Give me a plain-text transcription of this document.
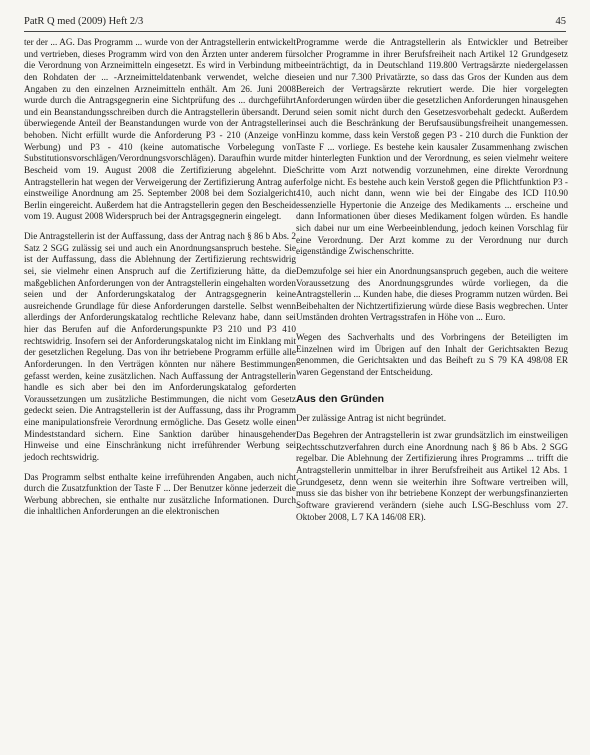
PatR Q med (2009) Heft 2/3	45

ter der ... AG. Das Programm ... wurde von der Antragstellerin entwickelt und vertrieben, dieses Programm wird von den Ärzten unter anderem für die Verordnung von Arzneimitteln eingesetzt. Es wird in Verbindung mit den Rohdaten der ... -Arzneimitteldatenbank verwendet, welche die Angaben zu den einzelnen Arzneimitteln enthält. Am 26. Juni 2008 wurde durch die Antragsgegnerin eine Sichtprüfung des ... durchgeführt und ein Beanstandungsschreiben durch die Antragstellerin übersandt. Der überwiegende Anteil der Beanstandungen wurde von der Antragstellerin behoben. Nicht erfüllt wurde die Anforderung P3 - 210 (Anzeige von Werbung) und P3 - 410 (keine automatische Vorbelegung von Substitutionsvorschlägen/Verordnungsvorschlägen). Daraufhin wurde mit Bescheid vom 19. August 2008 die Zertifizierung abgelehnt. Die Antragstellerin hat wegen der Verweigerung der Zertifizierung Antrag auf einstweilige Anordnung am 25. September 2008 bei dem Sozialgericht Berlin eingereicht. Außerdem hat die Antragstellerin gegen den Bescheid vom 19. August 2008 Widerspruch bei der Antragsgegnerin eingelegt.

Die Antragstellerin ist der Auffassung, dass der Antrag nach § 86 b Abs. 2 Satz 2 SGG zulässig sei und auch ein Anordnungsanspruch bestehe. Sie ist der Auffassung, dass die Ablehnung der Zertifizierung rechtswidrig sei, sie vielmehr einen Anspruch auf die Zertifizierung hätte, da die maßgeblichen Anforderungen von der Antragstellerin eingehalten worden seien und der Anforderungskatalog der Antragsgegnerin keine ausreichende Grundlage für diese Anforderungen darstelle. Selbst wenn allerdings der Anforderungskatalog rechtliche Relevanz habe, dann sei hier das Berufen auf die Anforderungspunkte P3 210 und P3 410 rechtswidrig. Insofern sei der Anforderungskatalog nicht im Einklang mit der gesetzlichen Regelung. Das von ihr betriebene Programm erfülle alle Anforderungen. In den Verträgen könnten nur nähere Bestimmungen gefasst werden, keine zusätzlichen. Nach Auffassung der Antragstellerin handle es sich aber bei den im Anforderungskatalog geforderten Voraussetzungen um zusätzliche Bestimmungen, die nicht vom Gesetz gedeckt seien. Die Antragstellerin ist der Auffassung, dass ihr Programm eine manipulationsfreie Verordnung ermögliche. Das Gesetz wolle einen Mindeststandard sichern. Eine Sanktion darüber hinausgehender Hinweise und eine Einschränkung nicht irreführender Werbung sei jedoch rechtswidrig.

Das Programm selbst enthalte keine irreführenden Angaben, auch nicht durch die Zusatzfunktion der Taste F ... Der Benutzer könne jederzeit die Werbung abbrechen, sie enthalte nur zusätzliche Informationen. Durch die inhaltlichen Anforderungen an die elektronischen

Programme werde die Antragstellerin als Entwickler und Betreiber solcher Programme in ihrer Berufsfreiheit nach Artikel 12 Grundgesetz beeinträchtigt, da in Deutschland 119.800 Vertragsärzte niedergelassen seien und nur 7.300 Privatärzte, so dass das Gros der Kunden aus dem Bereich der Vertragsärzte rekrutiert werde. Die hier vorgelegten Anforderungen würden über die gesetzlichen Anforderungen hinausgehen und seien somit nicht durch den Gesetzesvorbehalt gedeckt. Außerdem sei auch die Beschränkung der Berufsausübungsfreiheit unangemessen. Hinzu komme, dass kein Verstoß gegen P3 - 210 durch die Funktion der Taste F ... vorliege. Es bestehe kein kausaler Zusammenhang zwischen der hinterlegten Funktion und der Verordnung, es seien vielmehr weitere Schritte vom Arzt notwendig vorzunehmen, eine direkte Verordnung erfolge nicht. Es bestehe auch kein Verstoß gegen die Pflichtfunktion P3 - 410, auch nicht dann, wenn wie bei der Eingabe des ICD I10.90 essenzielle Hypertonie die Anzeige des Medikaments ... erscheine und dann Informationen über dieses Medikament folgen würden. Es handle sich dabei nur um eine Werbeeinblendung, jedoch keinen Vorschlag für eine Verordnung. Der Arzt komme zu der Verordnung nur durch eigenständige Zwischenschritte.

Demzufolge sei hier ein Anordnungsanspruch gegeben, auch die weitere Voraussetzung des Anordnungsgrundes würde vorliegen, da die Antragstellerin ... Kunden habe, die dieses Programm nutzen würden. Bei Beibehalten der Nichtzertifizierung würde diese Basis wegbrechen. Unter Umständen drohten Vertragsstrafen in Höhe von ... Euro.

Wegen des Sachverhalts und des Vorbringens der Beteiligten im Einzelnen wird im Übrigen auf den Inhalt der Gerichtsakten Bezug genommen, die Gerichtsakten und das Beiheft zu S 79 KA 498/08 ER waren Gegenstand der Entscheidung.

Aus den Gründen

Der zulässige Antrag ist nicht begründet.

Das Begehren der Antragstellerin ist zwar grundsätzlich im einstweiligen Rechtsschutzverfahren durch eine Anordnung nach § 86 b Abs. 2 SGG regelbar. Die Ablehnung der Zertifizierung ihres Programms ... trifft die Antragstellerin unmittelbar in ihrer Berufsfreiheit aus Artikel 12 Abs. 1 Grundgesetz, denn wenn sie weiterhin ihre Software vertreiben will, muss sie das bisher von ihr betriebene Konzept der werbungsfinanzierten Software gravierend verändern (siehe auch LSG-Beschluss vom 27. Oktober 2008, L 7 KA 146/08 ER).
